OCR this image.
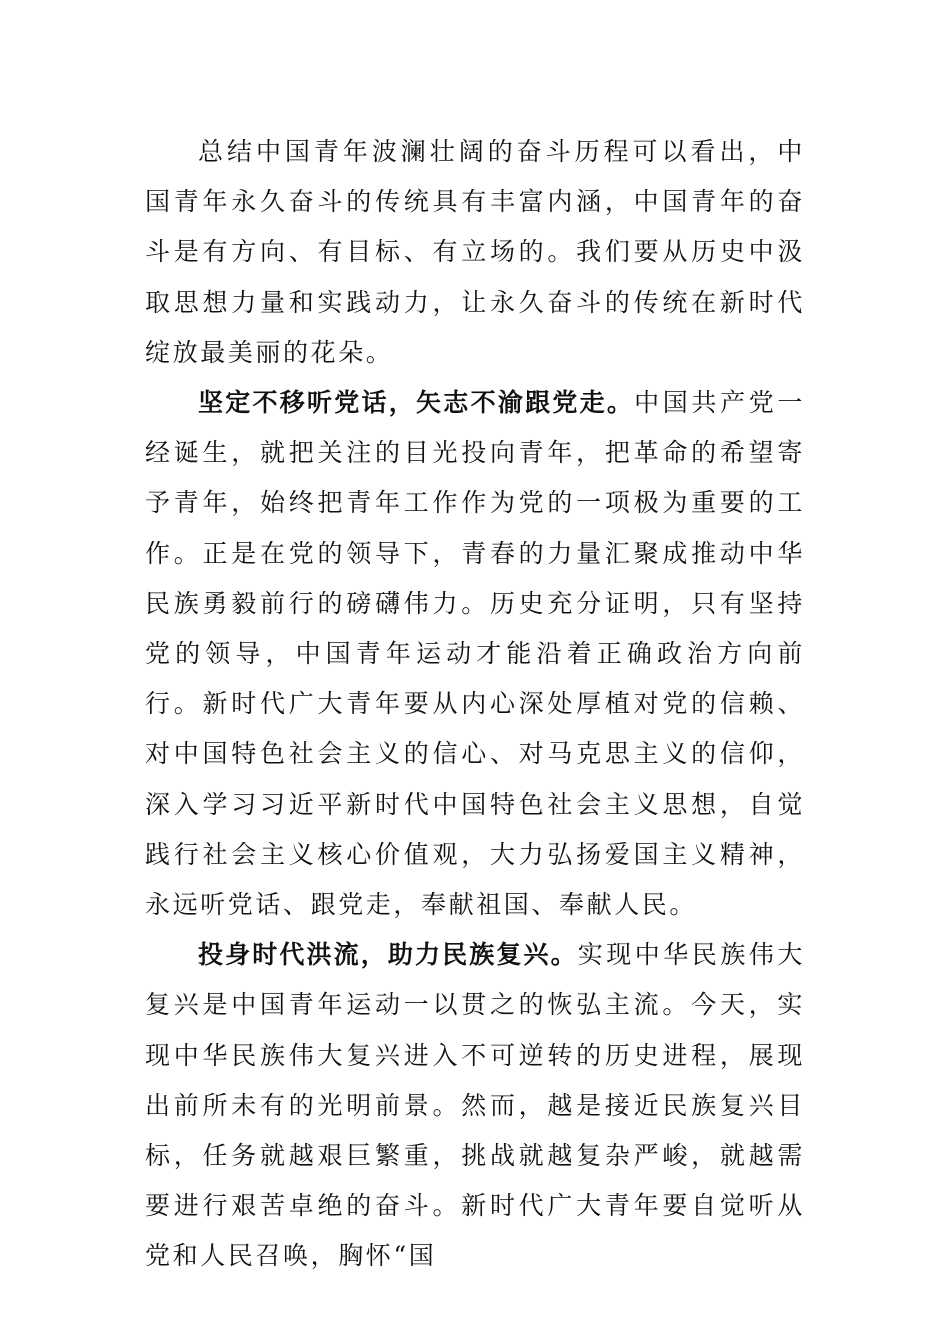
总结中国青年波澜壮阔的奋斗历程可以看出，中国青年永久奋斗的传统具有丰富内涵，中国青年的奋斗是有方向、有目标、有立场的。我们要从历史中汲取思想力量和实践动力，让永久奋斗的传统在新时代绽放最美丽的花朵。

坚定不移听党话，矢志不渝跟党走。中国共产党一经诞生，就把关注的目光投向青年，把革命的希望寄予青年，始终把青年工作作为党的一项极为重要的工作。正是在党的领导下，青春的力量汇聚成推动中华民族勇毅前行的磅礴伟力。历史充分证明，只有坚持党的领导，中国青年运动才能沿着正确政治方向前行。新时代广大青年要从内心深处厚植对党的信赖、对中国特色社会主义的信心、对马克思主义的信仰，深入学习习近平新时代中国特色社会主义思想，自觉践行社会主义核心价值观，大力弘扬爱国主义精神，永远听党话、跟党走，奉献祖国、奉献人民。

投身时代洪流，助力民族复兴。实现中华民族伟大复兴是中国青年运动一以贯之的恢弘主流。今天，实现中华民族伟大复兴进入不可逆转的历史进程，展现出前所未有的光明前景。然而，越是接近民族复兴目标，任务就越艰巨繁重，挑战就越复杂严峻，就越需要进行艰苦卓绝的奋斗。新时代广大青年要自觉听从党和人民召唤，胸怀“国
